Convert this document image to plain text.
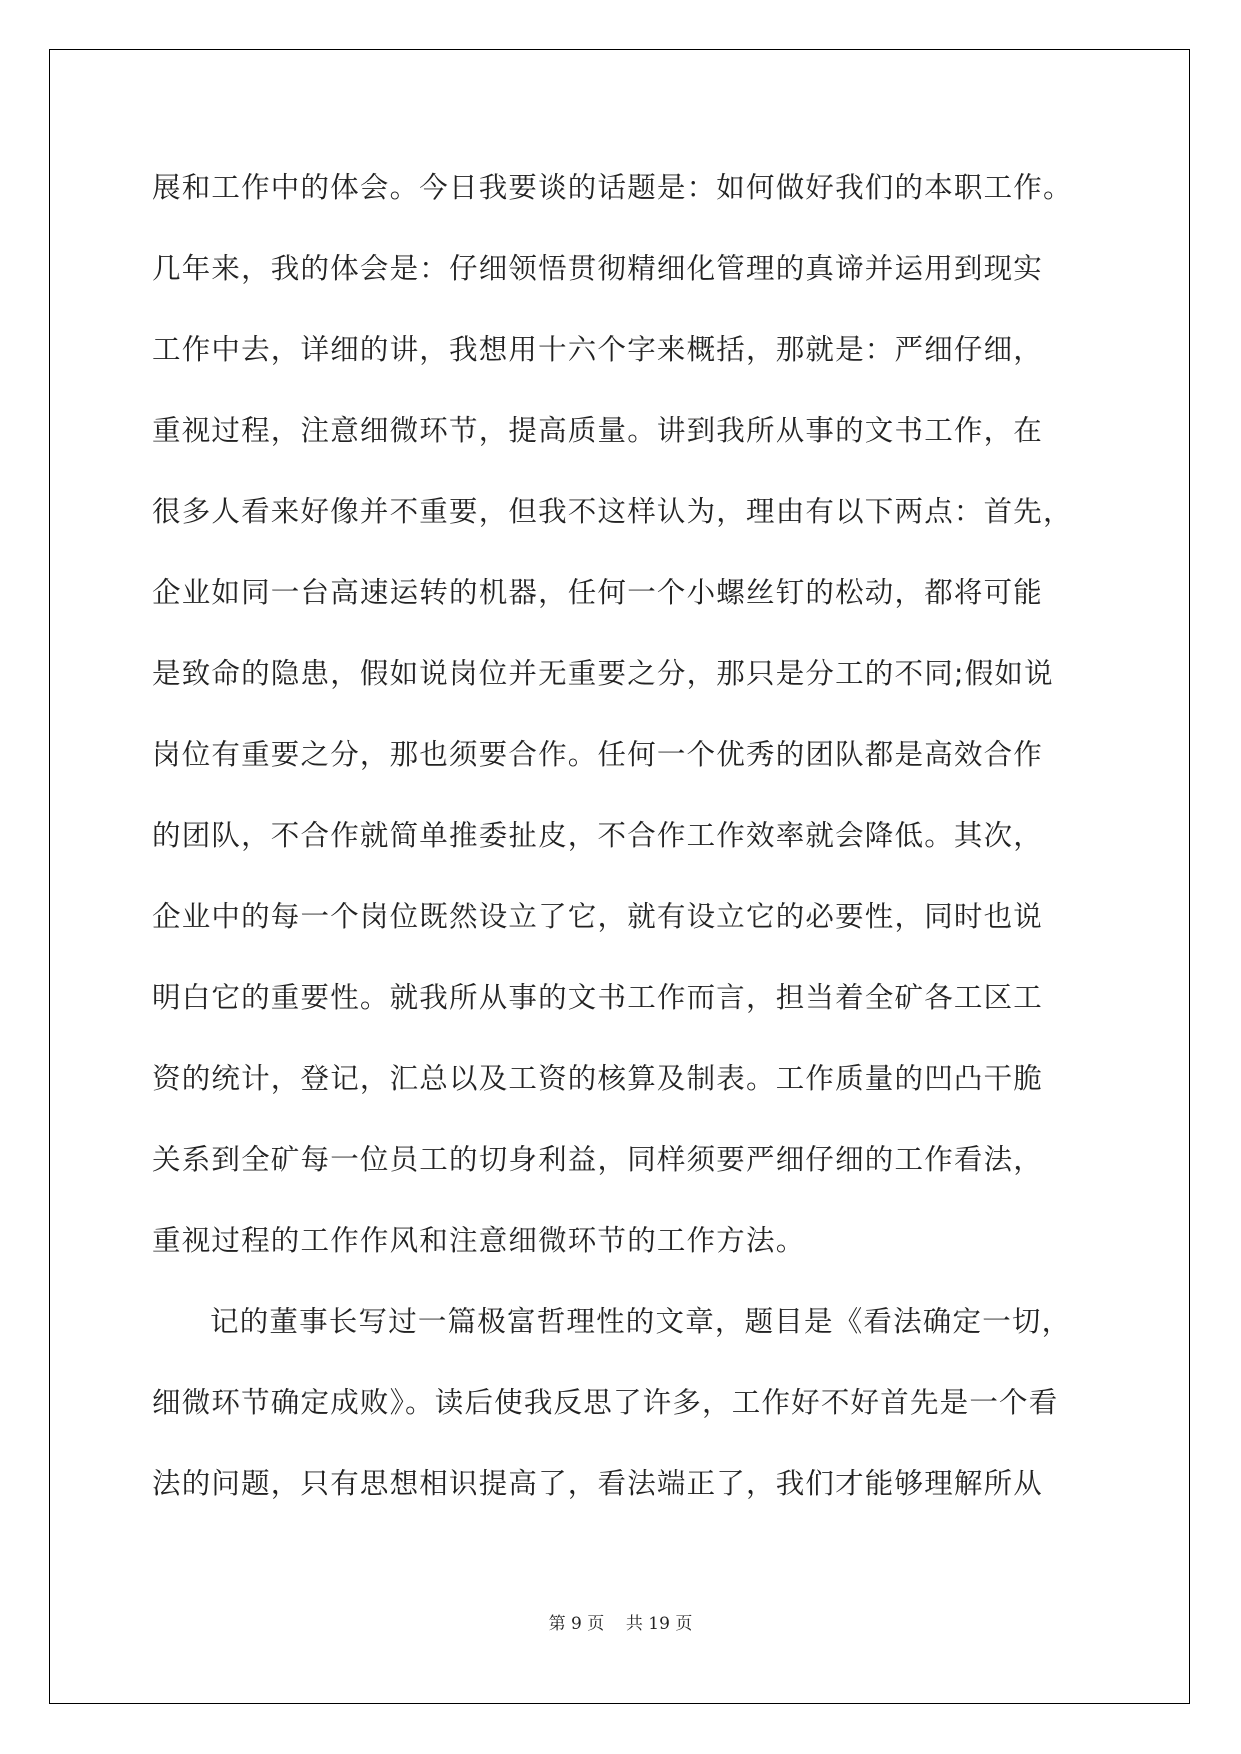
展和工作中的体会。今日我要谈的话题是：如何做好我们的本职工作。
几年来，我的体会是：仔细领悟贯彻精细化管理的真谛并运用到现实
工作中去，详细的讲，我想用十六个字来概括，那就是：严细仔细，
重视过程，注意细微环节，提高质量。讲到我所从事的文书工作，在
很多人看来好像并不重要，但我不这样认为，理由有以下两点：首先，
企业如同一台高速运转的机器，任何一个小螺丝钉的松动，都将可能
是致命的隐患，假如说岗位并无重要之分，那只是分工的不同;假如说
岗位有重要之分，那也须要合作。任何一个优秀的团队都是高效合作
的团队，不合作就简单推委扯皮，不合作工作效率就会降低。其次，
企业中的每一个岗位既然设立了它，就有设立它的必要性，同时也说
明白它的重要性。就我所从事的文书工作而言，担当着全矿各工区工
资的统计，登记，汇总以及工资的核算及制表。工作质量的凹凸干脆
关系到全矿每一位员工的切身利益，同样须要严细仔细的工作看法，
重视过程的工作作风和注意细微环节的工作方法。
记的董事长写过一篇极富哲理性的文章，题目是《看法确定一切，
细微环节确定成败》。读后使我反思了许多，工作好不好首先是一个看
法的问题，只有思想相识提高了，看法端正了，我们才能够理解所从
第 9 页 共 19 页
